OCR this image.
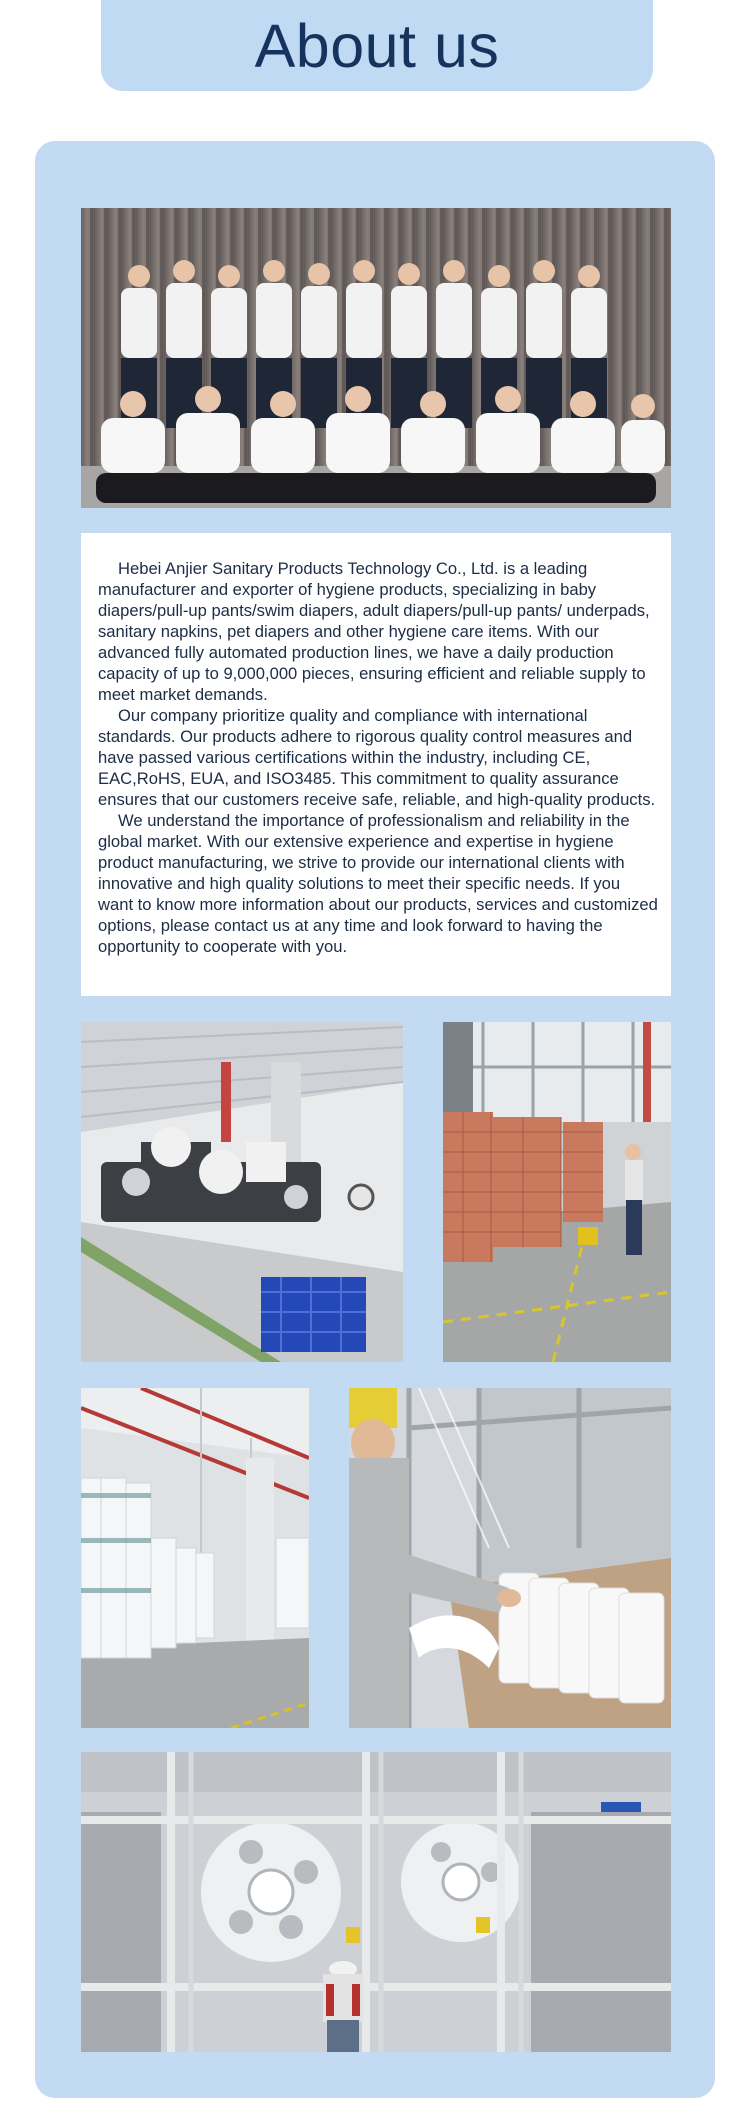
About us

Hebei Anjier Sanitary Products Technology Co., Ltd. is a leading manufacturer and exporter of hygiene products, specializing in baby diapers/pull-up pants/swim diapers, adult diapers/pull-up pants/ underpads, sanitary napkins, pet diapers and other hygiene care items. With our advanced fully automated production lines, we have a daily production capacity of up to 9,000,000 pieces, ensuring efficient and reliable supply to meet market demands.

Our company prioritize quality and compliance with international standards. Our products adhere to rigorous quality control measures and have passed various certifications within the industry, including CE, EAC,RoHS, EUA, and ISO3485. This commitment to quality assurance ensures that our customers receive safe, reliable, and high-quality products.

We understand the importance of professionalism and reliability in the global market. With our extensive experience and expertise in hygiene product manufacturing, we strive to provide our international clients with innovative and high quality solutions to meet their specific needs. If you want to know more information about our products, services and customized options, please contact us at any time and look forward to having the opportunity to cooperate with you.
